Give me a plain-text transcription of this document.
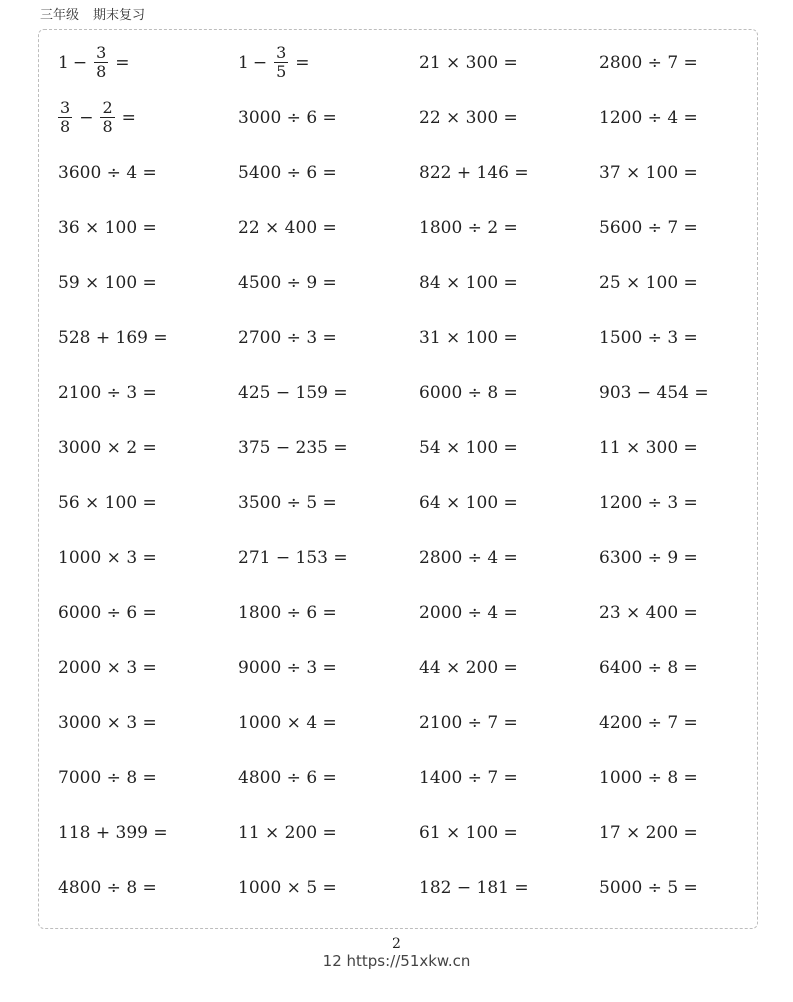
三年级 期末复习
$1 - \frac{3}{8}$ =	$1 - \frac{3}{5}$ =	21 × 300 =	2800 ÷ 7 =
$\frac{3}{8} - \frac{2}{8}$ =	3000 ÷ 6 =	22 × 300 =	1200 ÷ 4 =
3600 ÷ 4 =	5400 ÷ 6 =	822 + 146 =	37 × 100 =
36 × 100 =	22 × 400 =	1800 ÷ 2 =	5600 ÷ 7 =
59 × 100 =	4500 ÷ 9 =	84 × 100 =	25 × 100 =
528 + 169 =	2700 ÷ 3 =	31 × 100 =	1500 ÷ 3 =
2100 ÷ 3 =	425 − 159 =	6000 ÷ 8 =	903 − 454 =
3000 × 2 =	375 − 235 =	54 × 100 =	11 × 300 =
56 × 100 =	3500 ÷ 5 =	64 × 100 =	1200 ÷ 3 =
1000 × 3 =	271 − 153 =	2800 ÷ 4 =	6300 ÷ 9 =
6000 ÷ 6 =	1800 ÷ 6 =	2000 ÷ 4 =	23 × 400 =
2000 × 3 =	9000 ÷ 3 =	44 × 200 =	6400 ÷ 8 =
3000 × 3 =	1000 × 4 =	2100 ÷ 7 =	4200 ÷ 7 =
7000 ÷ 8 =	4800 ÷ 6 =	1400 ÷ 7 =	1000 ÷ 8 =
118 + 399 =	11 × 200 =	61 × 100 =	17 × 200 =
4800 ÷ 8 =	1000 × 5 =	182 − 181 =	5000 ÷ 5 =
2
12 https://51xkw.cn
